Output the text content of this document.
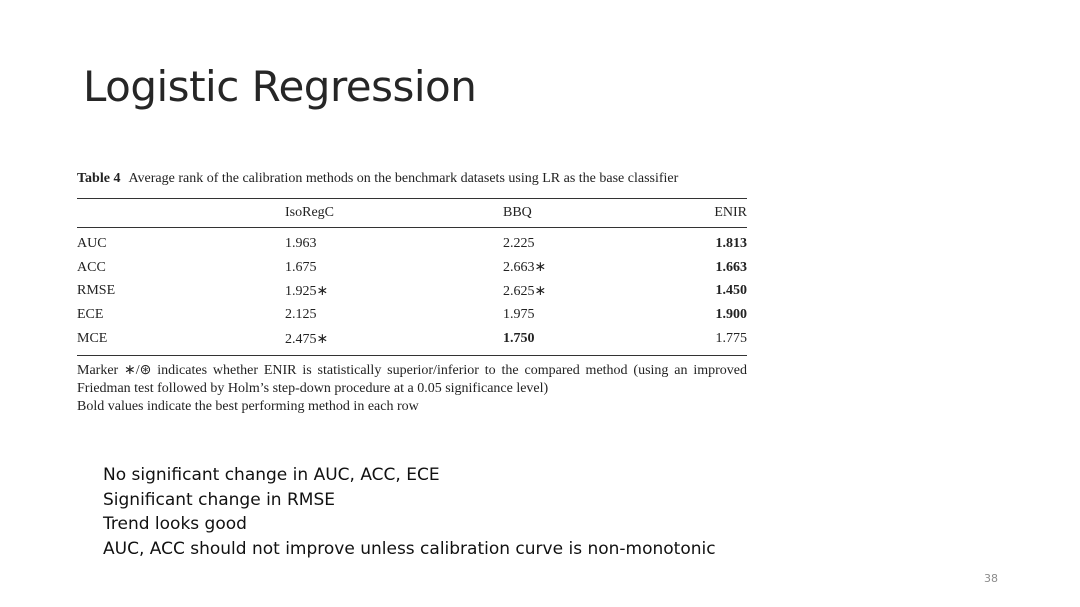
Logistic Regression
Table 4 Average rank of the calibration methods on the benchmark datasets using LR as the base classifier
	IsoRegC	BBQ	ENIR
AUC	1.963	2.225	1.813
ACC	1.675	2.663∗	1.663
RMSE	1.925∗	2.625∗	1.450
ECE	2.125	1.975	1.900
MCE	2.475∗	1.750	1.775

Marker ∗/⊛ indicates whether ENIR is statistically superior/inferior to the compared method (using an improved Friedman test followed by Holm’s step-down procedure at a 0.05 significance level)

Bold values indicate the best performing method in each row

No significant change in AUC, ACC, ECE
Significant change in RMSE
Trend looks good
AUC, ACC should not improve unless calibration curve is non-monotonic
38
